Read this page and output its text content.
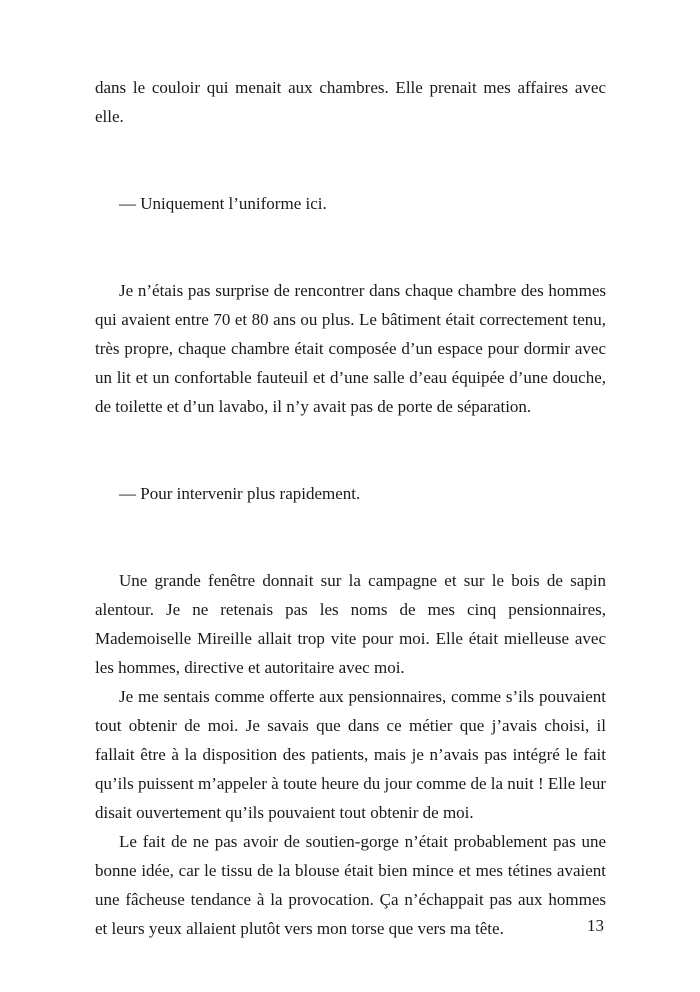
dans le couloir qui menait aux chambres. Elle prenait mes affaires avec elle.

— Uniquement l’uniforme ici.

Je n’étais pas surprise de rencontrer dans chaque chambre des hommes qui avaient entre 70 et 80 ans ou plus. Le bâtiment était correctement tenu, très propre, chaque chambre était composée d’un espace pour dormir avec un lit et un confortable fauteuil et d’une salle d’eau équipée d’une douche, de toilette et d’un lavabo, il n’y avait pas de porte de séparation.

— Pour intervenir plus rapidement.

Une grande fenêtre donnait sur la campagne et sur le bois de sapin alentour. Je ne retenais pas les noms de mes cinq pensionnaires, Mademoiselle Mireille allait trop vite pour moi. Elle était mielleuse avec les hommes, directive et autoritaire avec moi.

Je me sentais comme offerte aux pensionnaires, comme s’ils pouvaient tout obtenir de moi. Je savais que dans ce métier que j’avais choisi, il fallait être à la disposition des patients, mais je n’avais pas intégré le fait qu’ils puissent m’appeler à toute heure du jour comme de la nuit ! Elle leur disait ouvertement qu’ils pouvaient tout obtenir de moi.

Le fait de ne pas avoir de soutien-gorge n’était probablement pas une bonne idée, car le tissu de la blouse était bien mince et mes tétines avaient une fâcheuse tendance à la provocation. Ça n’échappait pas aux hommes et leurs yeux allaient plutôt vers mon torse que vers ma tête.	13
